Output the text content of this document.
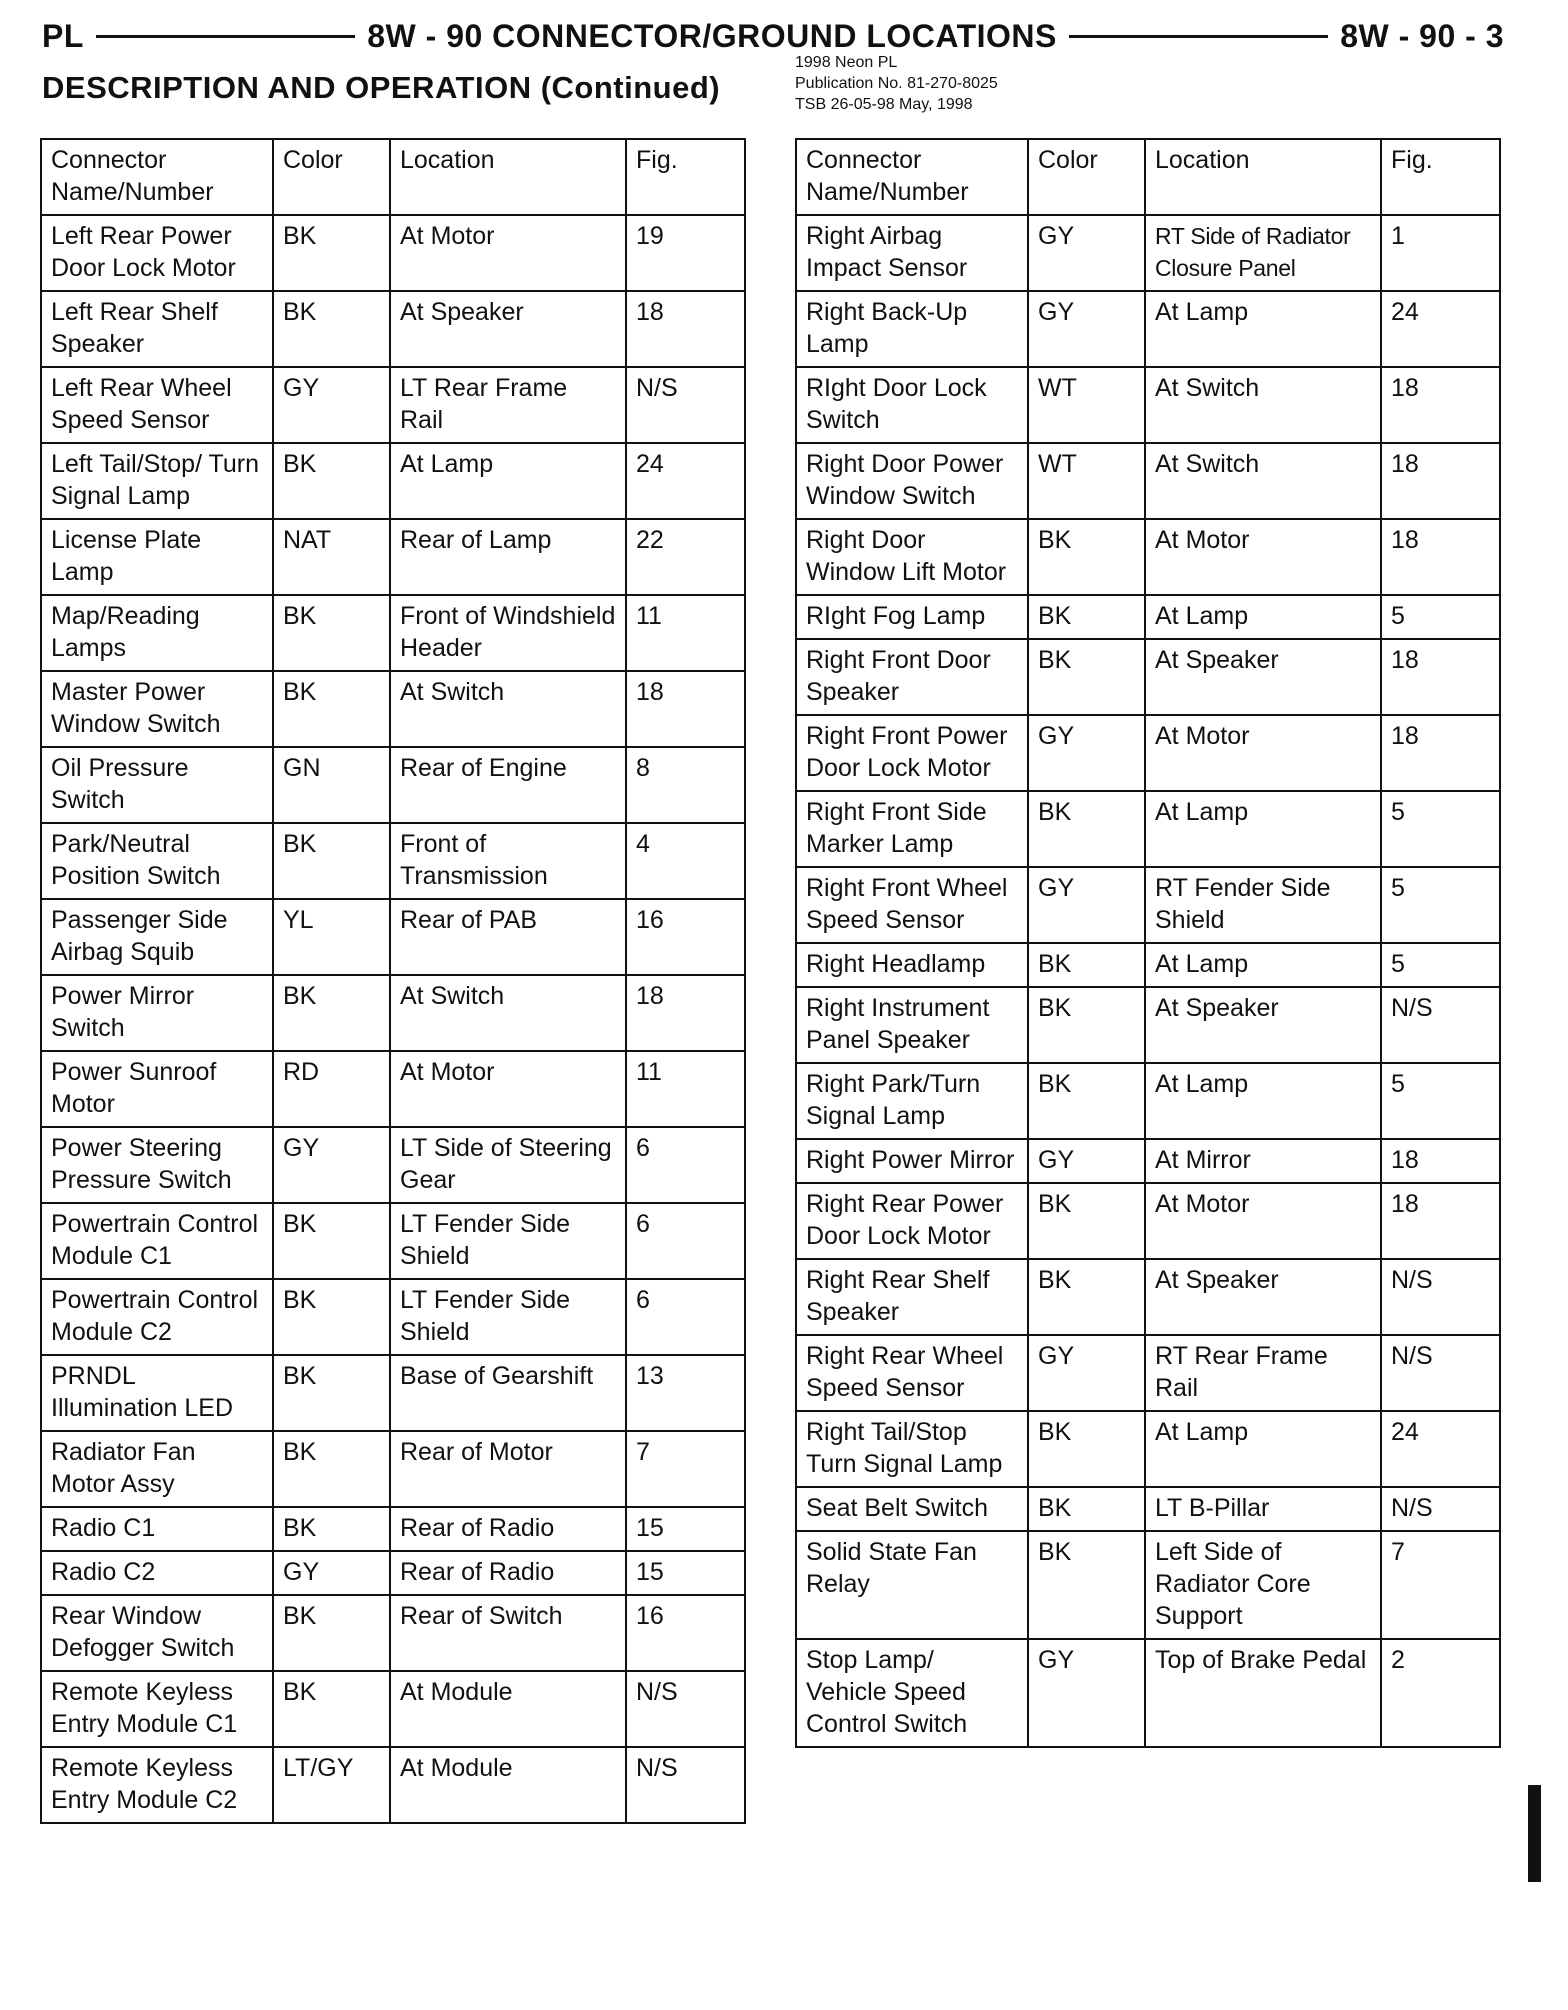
PL	8W - 90 CONNECTOR/GROUND LOCATIONS	8W - 90 - 3
DESCRIPTION AND OPERATION (Continued)
1998 Neon PL
Publication No. 81-270-8025
TSB 26-05-98 May, 1998
Connector Name/Number	Color	Location	Fig.
Left Rear Power Door Lock Motor	BK	At Motor	19
Left Rear Shelf Speaker	BK	At Speaker	18
Left Rear Wheel Speed Sensor	GY	LT Rear Frame Rail	N/S
Left Tail/Stop/ Turn Signal Lamp	BK	At Lamp	24
License Plate Lamp	NAT	Rear of Lamp	22
Map/Reading Lamps	BK	Front of Windshield Header	11
Master Power Window Switch	BK	At Switch	18
Oil Pressure Switch	GN	Rear of Engine	8
Park/Neutral Position Switch	BK	Front of Transmission	4
Passenger Side Airbag Squib	YL	Rear of PAB	16
Power Mirror Switch	BK	At Switch	18
Power Sunroof Motor	RD	At Motor	11
Power Steering Pressure Switch	GY	LT Side of Steering Gear	6
Powertrain Control Module C1	BK	LT Fender Side Shield	6
Powertrain Control Module C2	BK	LT Fender Side Shield	6
PRNDL Illumination LED	BK	Base of Gearshift	13
Radiator Fan Motor Assy	BK	Rear of Motor	7
Radio C1	BK	Rear of Radio	15
Radio C2	GY	Rear of Radio	15
Rear Window Defogger Switch	BK	Rear of Switch	16
Remote Keyless Entry Module C1	BK	At Module	N/S
Remote Keyless Entry Module C2	LT/GY	At Module	N/S
Connector Name/Number	Color	Location	Fig.
Right Airbag Impact Sensor	GY	RT Side of Radiator Closure Panel	1
Right Back-Up Lamp	GY	At Lamp	24
RIght Door Lock Switch	WT	At Switch	18
Right Door Power Window Switch	WT	At Switch	18
Right Door Window Lift Motor	BK	At Motor	18
RIght Fog Lamp	BK	At Lamp	5
Right Front Door Speaker	BK	At Speaker	18
Right Front Power Door Lock Motor	GY	At Motor	18
Right Front Side Marker Lamp	BK	At Lamp	5
Right Front Wheel Speed Sensor	GY	RT Fender Side Shield	5
Right Headlamp	BK	At Lamp	5
Right Instrument Panel Speaker	BK	At Speaker	N/S
Right Park/Turn Signal Lamp	BK	At Lamp	5
Right Power Mirror	GY	At Mirror	18
Right Rear Power Door Lock Motor	BK	At Motor	18
Right Rear Shelf Speaker	BK	At Speaker	N/S
Right Rear Wheel Speed Sensor	GY	RT Rear Frame Rail	N/S
Right Tail/Stop Turn Signal Lamp	BK	At Lamp	24
Seat Belt Switch	BK	LT B-Pillar	N/S
Solid State Fan Relay	BK	Left Side of Radiator Core Support	7
Stop Lamp/ Vehicle Speed Control Switch	GY	Top of Brake Pedal	2
